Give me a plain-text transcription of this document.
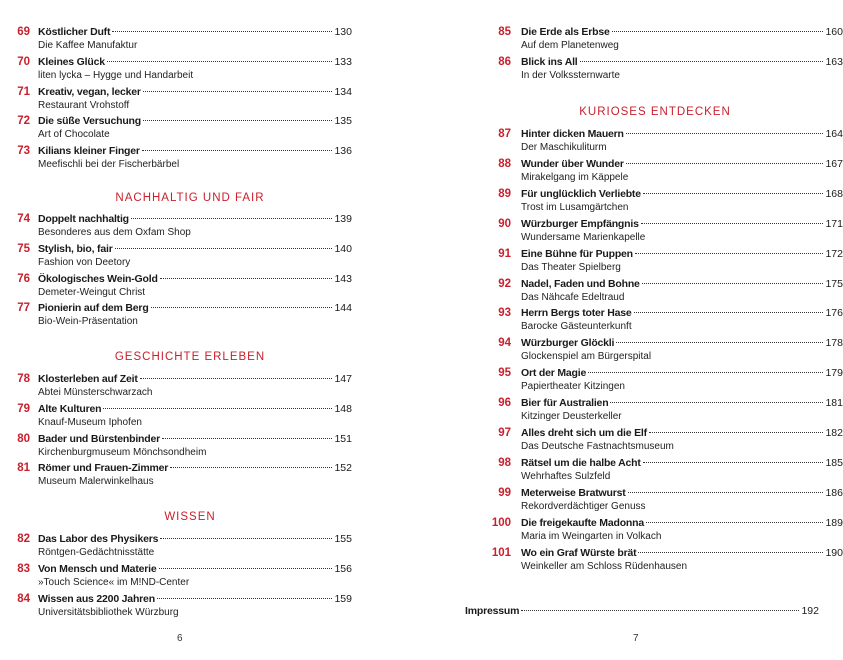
69 Köstlicher Duft	130
Die Kaffee Manufaktur
70 Kleines Glück	133
liten lycka – Hygge und Handarbeit
71 Kreativ, vegan, lecker	134
Restaurant Vrohstoff
72 Die süße Versuchung	135
Art of Chocolate
73 Kilians kleiner Finger	136
Meefischli bei der Fischerbärbel
NACHHALTIG UND FAIR
74 Doppelt nachhaltig	139
Besonderes aus dem Oxfam Shop
75 Stylish, bio, fair	140
Fashion von Deetory
76 Ökologisches Wein-Gold	143
Demeter-Weingut Christ
77 Pionierin auf dem Berg	144
Bio-Wein-Präsentation
GESCHICHTE ERLEBEN
78 Klosterleben auf Zeit	147
Abtei Münsterschwarzach
79 Alte Kulturen	148
Knauf-Museum Iphofen
80 Bader und Bürstenbinder	151
Kirchenburgmuseum Mönchsondheim
81 Römer und Frauen-Zimmer	152
Museum Malerwinkelhaus
WISSEN
82 Das Labor des Physikers	155
Röntgen-Gedächtnisstätte
83 Von Mensch und Materie	156
»Touch Science« im M!ND-Center
84 Wissen aus 2200 Jahren	159
Universitätsbibliothek Würzburg
6
85 Die Erde als Erbse	160
Auf dem Planetenweg
86 Blick ins All	163
In der Volkssternwarte
KURIOSES ENTDECKEN
87 Hinter dicken Mauern	164
Der Maschikuliturm
88 Wunder über Wunder	167
Mirakelgang im Käppele
89 Für unglücklich Verliebte	168
Trost im Lusamgärtchen
90 Würzburger Empfängnis	171
Wundersame Marienkapelle
91 Eine Bühne für Puppen	172
Das Theater Spielberg
92 Nadel, Faden und Bohne	175
Das Nähcafe Edeltraud
93 Herrn Bergs toter Hase	176
Barocke Gästeunterkunft
94 Würzburger Glöckli	178
Glockenspiel am Bürgerspital
95 Ort der Magie	179
Papiertheater Kitzingen
96 Bier für Australien	181
Kitzinger Deusterkeller
97 Alles dreht sich um die Elf	182
Das Deutsche Fastnachtsmuseum
98 Rätsel um die halbe Acht	185
Wehrhaftes Sulzfeld
99 Meterweise Bratwurst	186
Rekordverdächtiger Genuss
100 Die freigekaufte Madonna	189
Maria im Weingarten in Volkach
101 Wo ein Graf Würste brät	190
Weinkeller am Schloss Rüdenhausen
Impressum	192
7
